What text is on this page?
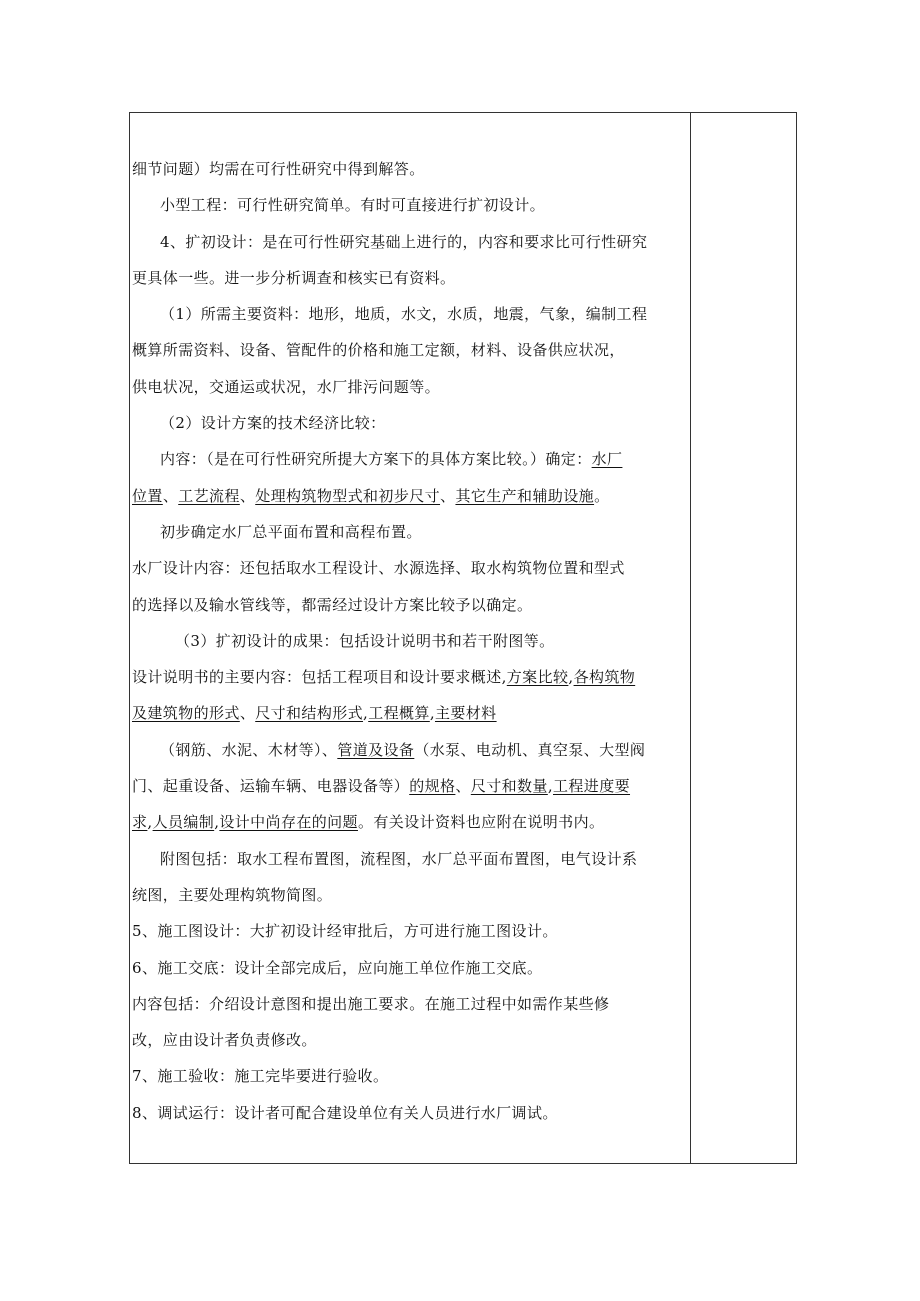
细节问题）均需在可行性研究中得到解答。
小型工程：可行性研究简单。有时可直接进行扩初设计。
4、扩初设计：是在可行性研究基础上进行的，内容和要求比可行性研究
更具体一些。进一步分析调查和核实已有资料。
（1）所需主要资料：地形，地质，水文，水质，地震，气象，编制工程
概算所需资料、设备、管配件的价格和施工定额，材料、设备供应状况，
供电状况，交通运或状况，水厂排污问题等。
（2）设计方案的技术经济比较：
内容：（是在可行性研究所提大方案下的具体方案比较。）确定：水厂
位置、工艺流程、处理构筑物型式和初步尺寸、其它生产和辅助设施。
初步确定水厂总平面布置和高程布置。
水厂设计内容：还包括取水工程设计、水源选择、取水构筑物位置和型式
的选择以及输水管线等，都需经过设计方案比较予以确定。
（3）扩初设计的成果：包括设计说明书和若干附图等。
设计说明书的主要内容：包括工程项目和设计要求概述,方案比较,各构筑物
及建筑物的形式、尺寸和结构形式,工程概算,主要材料
（钢筋、水泥、木材等）、管道及设备（水泵、电动机、真空泵、大型阀
门、起重设备、运输车辆、电器设备等）的规格、尺寸和数量,工程进度要
求,人员编制,设计中尚存在的问题。有关设计资料也应附在说明书内。
附图包括：取水工程布置图，流程图，水厂总平面布置图，电气设计系
统图，主要处理构筑物简图。
5、施工图设计：大扩初设计经审批后，方可进行施工图设计。
6、施工交底：设计全部完成后，应向施工单位作施工交底。
内容包括：介绍设计意图和提出施工要求。在施工过程中如需作某些修
改，应由设计者负责修改。
7、施工验收：施工完毕要进行验收。
8、调试运行：设计者可配合建设单位有关人员进行水厂调试。
